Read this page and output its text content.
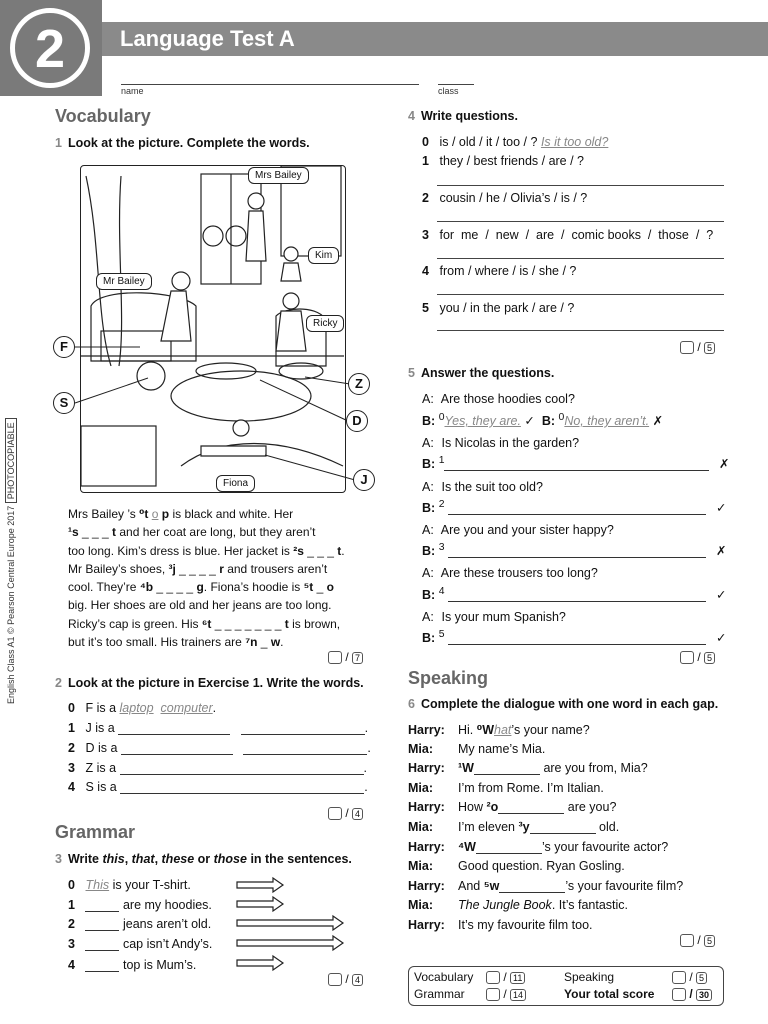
2	Language Test A
name	class
English Class A1 © Pearson Central Europe 2017 PHOTOCOPIABLE
Vocabulary
1 Look at the picture. Complete the words.
Mrs Bailey
Kim
Mr Bailey
Ricky
Fiona
F
S
Z
D
J
Mrs Bailey ’s ⁰t o p is black and white. Her
¹s _ _ _ t and her coat are long, but they aren’t
too long. Kim’s dress is blue. Her jacket is ²s _ _ _ t.
Mr Bailey’s shoes, ³j _ _ _ _ r and trousers aren’t
cool. They’re ⁴b _ _ _ _ g. Fiona’s hoodie is ⁵t _ o
big. Her shoes are old and her jeans are too long.
Ricky’s cap is green. His ⁶t _ _ _ _ _ _ _ t is brown,
but it’s too small. His trainers are ⁷n _ w.
/ 7
2 Look at the picture in Exercise 1. Write the words.
0 F is a laptop computer.
1 J is a	.
2 D is a	.
3 Z is a	.
4 S is a	.
/ 4
Grammar
3 Write this, that, these or those in the sentences.
0 This is your T-shirt.
1	are my hoodies.
2	jeans aren’t old.
3	cap isn’t Andy’s.
4	top is Mum’s.
/ 4
4 Write questions.
0 is / old / it / too / ? Is it too old?
1 they / best friends / are / ?
2 cousin / he / Olivia’s / is / ?
3 for  me  /  new  /  are  /  comic books  /  those  /  ?
4 from / where / is / she / ?
5 you / in the park / are / ?
/ 5
5 Answer the questions.
A: Are those hoodies cool?
B: $^0$Yes, they are. ✓ B: $^0$No, they aren’t. ✗
A: Is Nicolas in the garden?
B: $^1$	✗
A: Is the suit too old?
B: $^2$	✓
A: Are you and your sister happy?
B: $^3$	✗
A: Are these trousers too long?
B: $^4$	✓
A: Is your mum Spanish?
B: $^5$	✓
/ 5
Speaking
6 Complete the dialogue with one word in each gap.
Harry: Hi. ⁰What’s your name?
Mia: My name’s Mia.
Harry: ¹W	are you from, Mia?
Mia: I’m from Rome. I’m Italian.
Harry: How ²o	are you?
Mia: I’m eleven ³y	old.
Harry: ⁴W	’s your favourite actor?
Mia: Good question. Ryan Gosling.
Harry: And ⁵w	’s your favourite film?
Mia: The Jungle Book. It’s fantastic.
Harry: It’s my favourite film too.
/ 5
Vocabulary / 11
Grammar	/ 14
Speaking	/ 5
Your total score	/ 30
